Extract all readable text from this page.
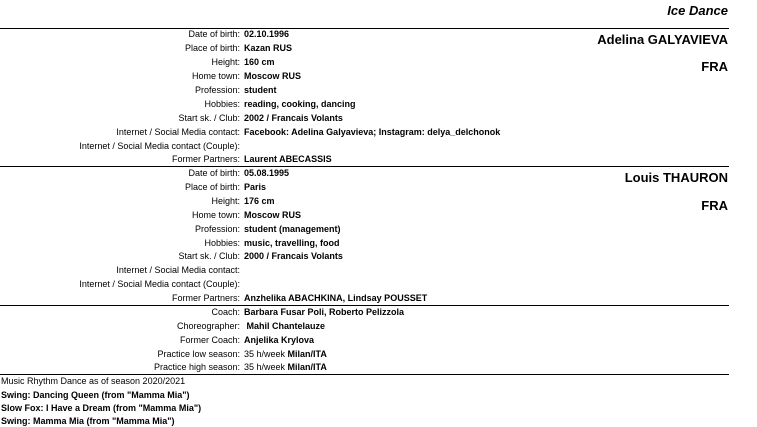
Ice Dance
Adelina GALYAVIEVA
FRA
Date of birth: 02.10.1996
Place of birth: Kazan RUS
Height: 160 cm
Home town: Moscow RUS
Profession: student
Hobbies: reading, cooking, dancing
Start sk. / Club: 2002 / Francais Volants
Internet / Social Media contact: Facebook: Adelina Galyavieva; Instagram: delya_delchonok
Internet / Social Media contact (Couple):
Former Partners: Laurent ABECASSIS
Louis THAURON
FRA
Date of birth: 05.08.1995
Place of birth: Paris
Height: 176 cm
Home town: Moscow RUS
Profession: student (management)
Hobbies: music, travelling, food
Start sk. / Club: 2000 / Francais Volants
Internet / Social Media contact:
Internet / Social Media contact (Couple):
Former Partners: Anzhelika ABACHKINA, Lindsay POUSSET
Coach: Barbara Fusar Poli, Roberto Pelizzola
Choreographer: Mahil Chantelauze
Former Coach: Anjelika Krylova
Practice low season: 35 h/week Milan/ITA
Practice high season: 35 h/week Milan/ITA
Music Rhythm Dance as of season 2020/2021
Swing: Dancing Queen (from "Mamma Mia")
Slow Fox: I Have a Dream (from "Mamma Mia")
Swing: Mamma Mia (from "Mamma Mia")
